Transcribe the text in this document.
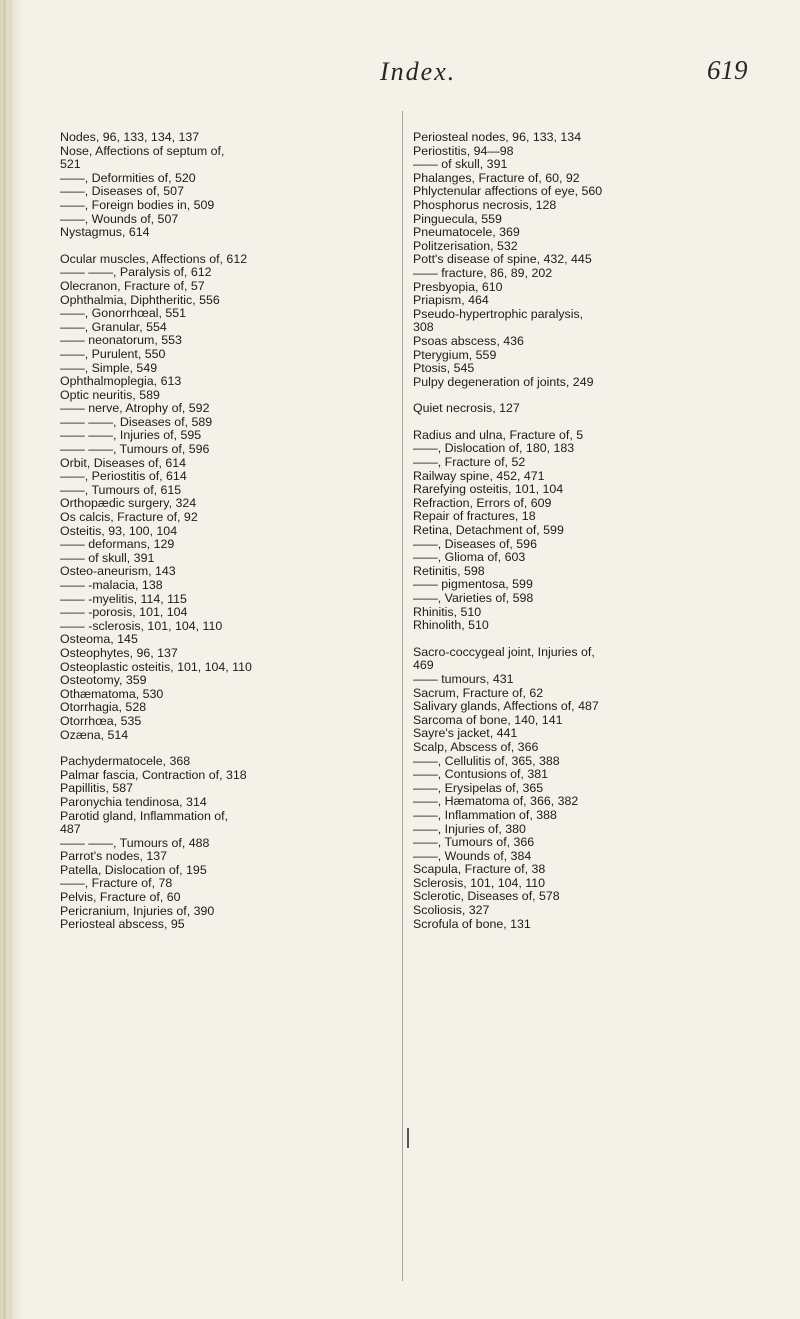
Index.	619
Nodes, 96, 133, 134, 137
Nose, Affections of septum of,
521
——, Deformities of, 520
——, Diseases of, 507
——, Foreign bodies in, 509
——, Wounds of, 507
Nystagmus, 614
Ocular muscles, Affections of, 612
—— ——, Paralysis of, 612
Olecranon, Fracture of, 57
Ophthalmia, Diphtheritic, 556
——, Gonorrhœal, 551
——, Granular, 554
—— neonatorum, 553
——, Purulent, 550
——, Simple, 549
Ophthalmoplegia, 613
Optic neuritis, 589
—— nerve, Atrophy of, 592
—— ——, Diseases of, 589
—— ——, Injuries of, 595
—— ——, Tumours of, 596
Orbit, Diseases of, 614
——, Periostitis of, 614
——, Tumours of, 615
Orthopædic surgery, 324
Os calcis, Fracture of, 92
Osteitis, 93, 100, 104
—— deformans, 129
—— of skull, 391
Osteo-aneurism, 143
—— -malacia, 138
—— -myelitis, 114, 115
—— -porosis, 101, 104
—— -sclerosis, 101, 104, 110
Osteoma, 145
Osteophytes, 96, 137
Osteoplastic osteitis, 101, 104, 110
Osteotomy, 359
Othæmatoma, 530
Otorrhagia, 528
Otorrhœa, 535
Ozæna, 514
Pachydermatocele, 368
Palmar fascia, Contraction of, 318
Papillitis, 587
Paronychia tendinosa, 314
Parotid gland, Inflammation of,
487
—— ——, Tumours of, 488
Parrot's nodes, 137
Patella, Dislocation of, 195
——, Fracture of, 78
Pelvis, Fracture of, 60
Pericranium, Injuries of, 390
Periosteal abscess, 95
Periosteal nodes, 96, 133, 134
Periostitis, 94—98
—— of skull, 391
Phalanges, Fracture of, 60, 92
Phlyctenular affections of eye, 560
Phosphorus necrosis, 128
Pinguecula, 559
Pneumatocele, 369
Politzerisation, 532
Pott's disease of spine, 432, 445
—— fracture, 86, 89, 202
Presbyopia, 610
Priapism, 464
Pseudo-hypertrophic paralysis,
308
Psoas abscess, 436
Pterygium, 559
Ptosis, 545
Pulpy degeneration of joints, 249
Quiet necrosis, 127
Radius and ulna, Fracture of, 5
——, Dislocation of, 180, 183
——, Fracture of, 52
Railway spine, 452, 471
Rarefying osteitis, 101, 104
Refraction, Errors of, 609
Repair of fractures, 18
Retina, Detachment of, 599
——, Diseases of, 596
——, Glioma of, 603
Retinitis, 598
—— pigmentosa, 599
——, Varieties of, 598
Rhinitis, 510
Rhinolith, 510
Sacro-coccygeal joint, Injuries of,
469
—— tumours, 431
Sacrum, Fracture of, 62
Salivary glands, Affections of, 487
Sarcoma of bone, 140, 141
Sayre's jacket, 441
Scalp, Abscess of, 366
——, Cellulitis of, 365, 388
——, Contusions of, 381
——, Erysipelas of, 365
——, Hæmatoma of, 366, 382
——, Inflammation of, 388
——, Injuries of, 380
——, Tumours of, 366
——, Wounds of, 384
Scapula, Fracture of, 38
Sclerosis, 101, 104, 110
Sclerotic, Diseases of, 578
Scoliosis, 327
Scrofula of bone, 131
